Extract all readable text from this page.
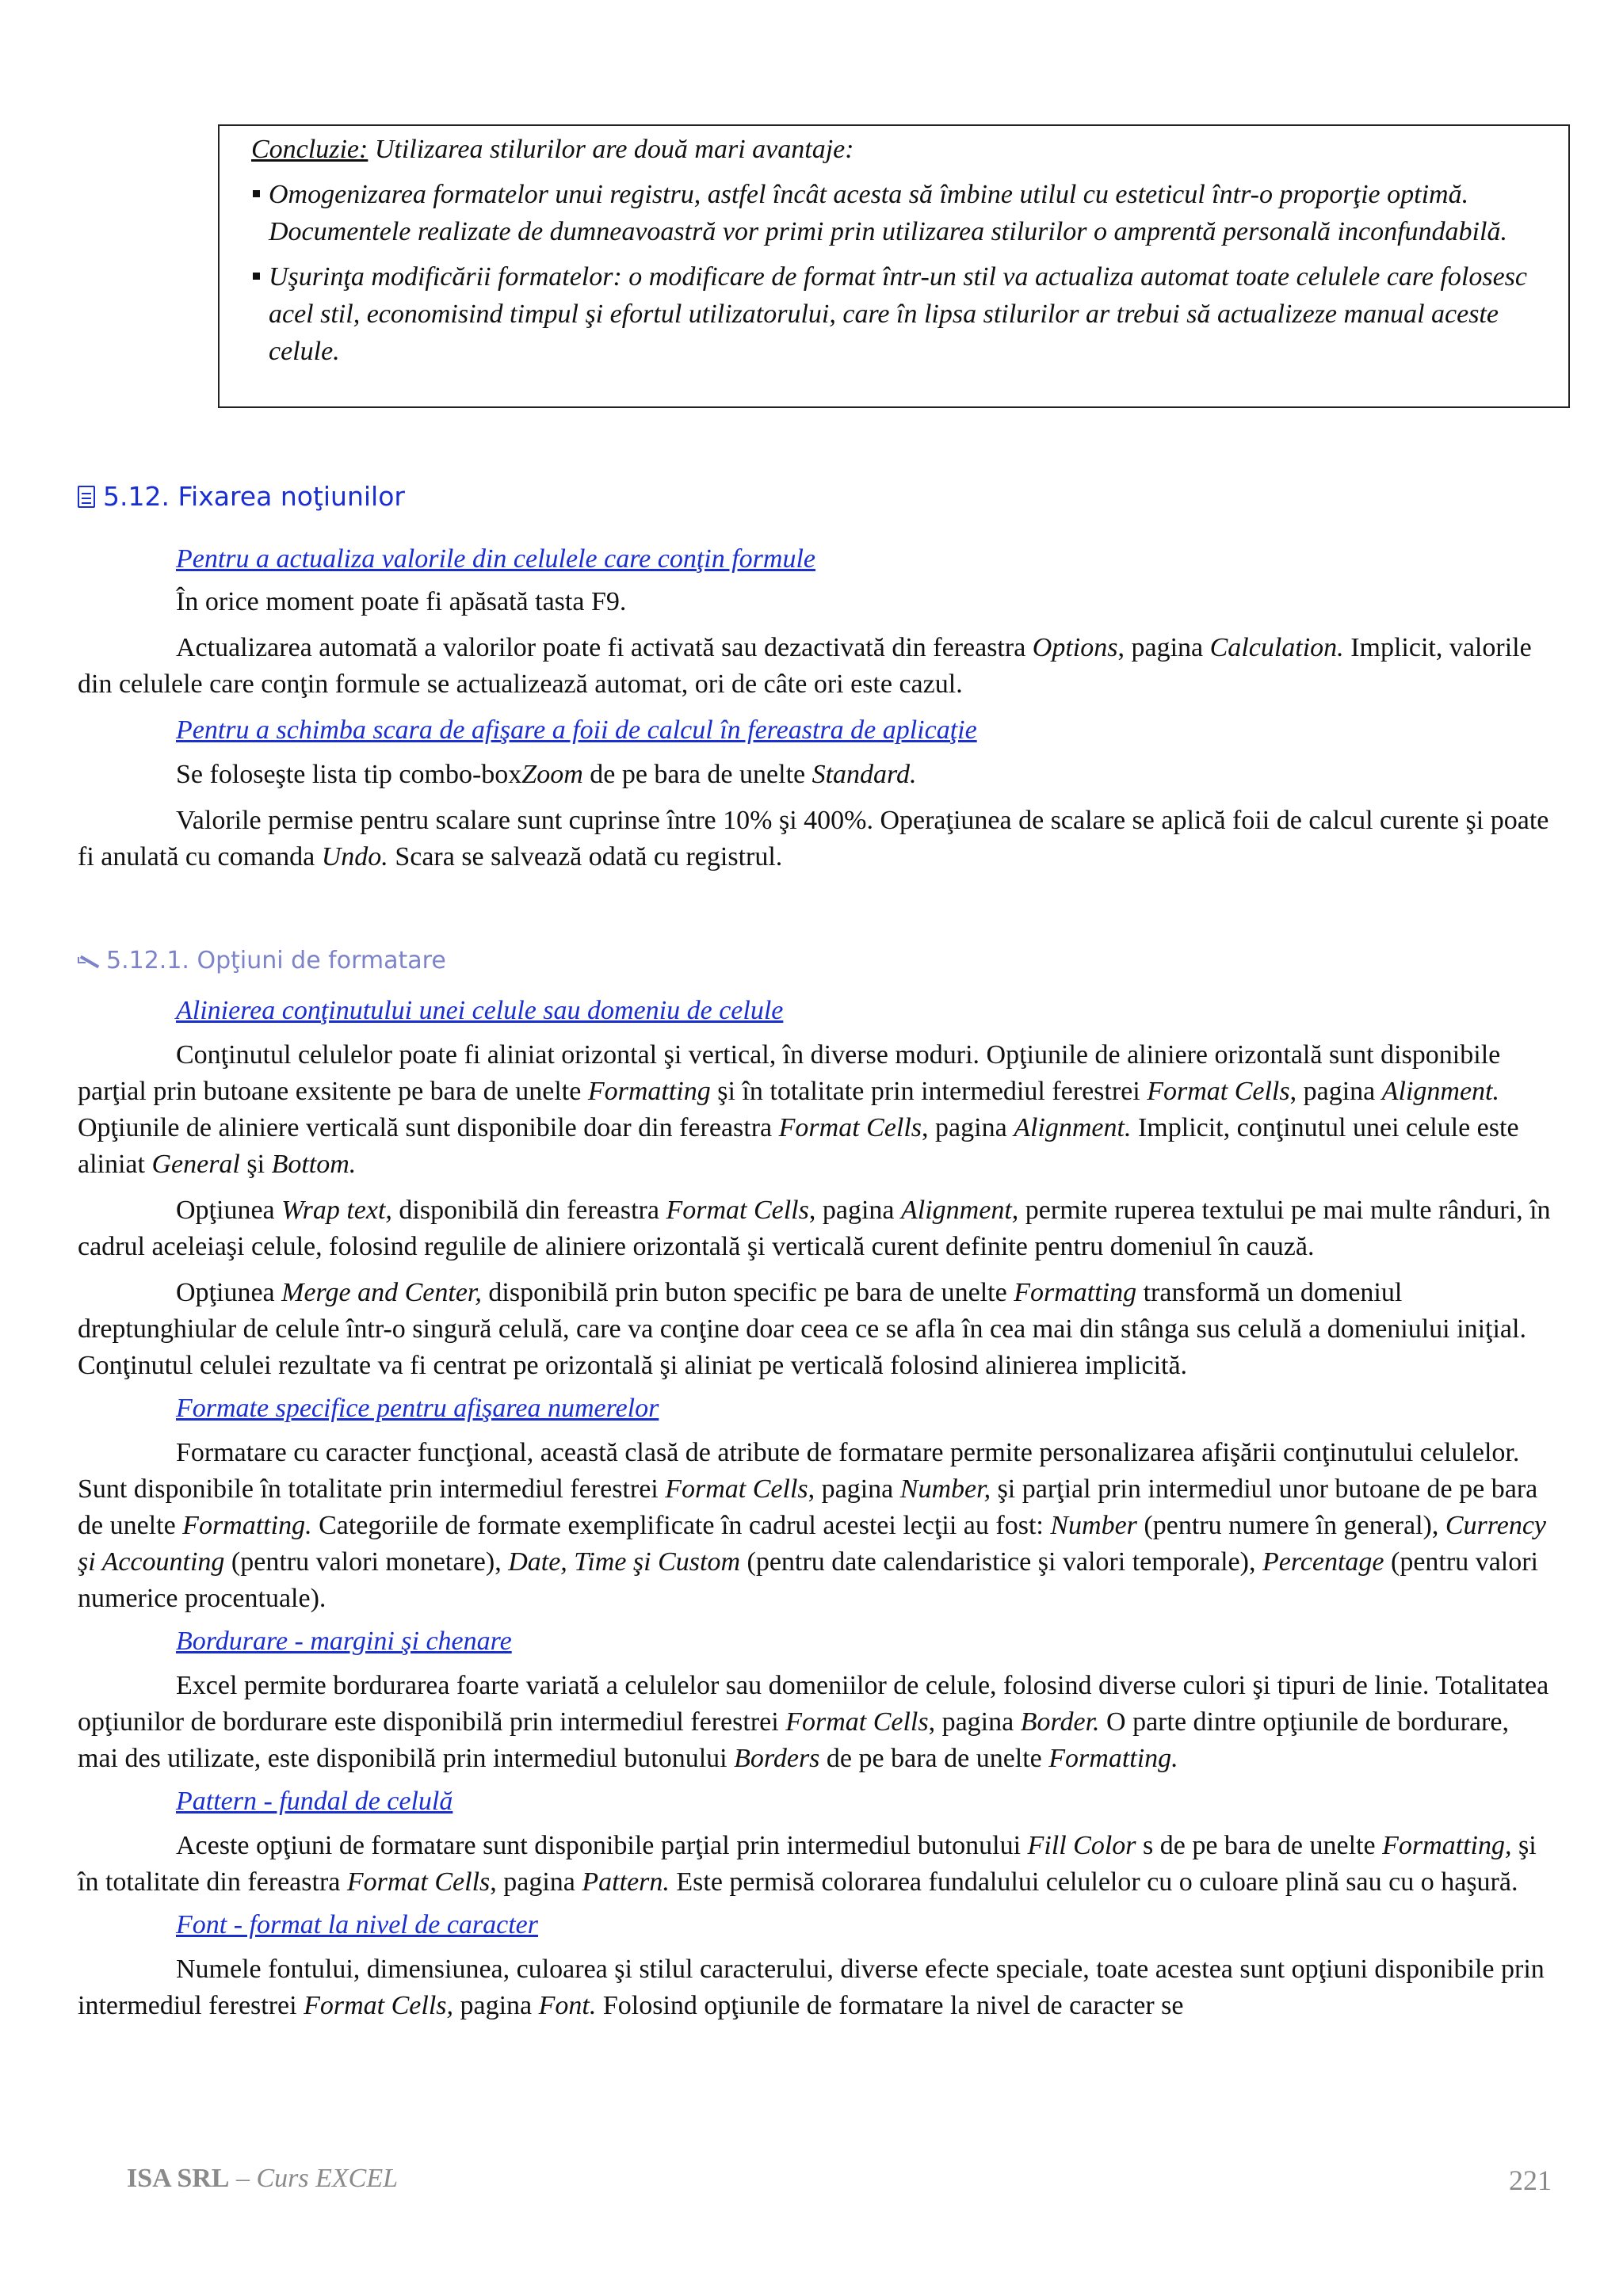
Concluzie: Utilizarea stilurilor are două mari avantaje:
Omogenizarea formatelor unui registru, astfel încât acesta să îmbine utilul cu esteticul într-o proporţie optimă. Documentele realizate de dumneavoastră vor primi prin utilizarea stilurilor o amprentă personală inconfundabilă.
Uşurinţa modificării formatelor: o modificare de format într-un stil va actualiza automat toate celulele care folosesc acel stil, economisind timpul şi efortul utilizatorului, care în lipsa stilurilor ar trebui să actualizeze manual aceste celule.
5.12. Fixarea noţiunilor
Pentru a actualiza valorile din celulele care conţin formule
În orice moment poate fi apăsată tasta F9.
Actualizarea automată a valorilor poate fi activată sau dezactivată din fereastra Options, pagina Calculation. Implicit, valorile din celulele care conţin formule se actualizează automat, ori de câte ori este cazul.
Pentru a schimba scara de afişare a foii de calcul în fereastra de aplicaţie
Se foloseşte lista tip combo-boxZoom de pe bara de unelte Standard.
Valorile permise pentru scalare sunt cuprinse între 10% şi 400%. Operaţiunea de scalare se aplică foii de calcul curente şi poate fi anulată cu comanda Undo. Scara se salvează odată cu registrul.
5.12.1. Opţiuni de formatare
Alinierea conţinutului unei celule sau domeniu de celule
Conţinutul celulelor poate fi aliniat orizontal şi vertical, în diverse moduri. Opţiunile de aliniere orizontală sunt disponibile parţial prin butoane exsitente pe bara de unelte Formatting şi în totalitate prin intermediul ferestrei Format Cells, pagina Alignment. Opţiunile de aliniere verticală sunt disponibile doar din fereastra Format Cells, pagina Alignment. Implicit, conţinutul unei celule este aliniat General şi Bottom.
Opţiunea Wrap text, disponibilă din fereastra Format Cells, pagina Alignment, permite ruperea textului pe mai multe rânduri, în cadrul aceleiaşi celule, folosind regulile de aliniere orizontală şi verticală curent definite pentru domeniul în cauză.
Opţiunea Merge and Center, disponibilă prin buton specific pe bara de unelte Formatting transformă un domeniul dreptunghiular de celule într-o singură celulă, care va conţine doar ceea ce se afla în cea mai din stânga sus celulă a domeniului iniţial. Conţinutul celulei rezultate va fi centrat pe orizontală şi aliniat pe verticală folosind alinierea implicită.
Formate specifice pentru afişarea numerelor
Formatare cu caracter funcţional, această clasă de atribute de formatare permite personalizarea afişării conţinutului celulelor. Sunt disponibile în totalitate prin intermediul ferestrei Format Cells, pagina Number, şi parţial prin intermediul unor butoane de pe bara de unelte Formatting. Categoriile de formate exemplificate în cadrul acestei lecţii au fost: Number (pentru numere în general), Currency şi Accounting (pentru valori monetare), Date, Time şi Custom (pentru date calendaristice şi valori temporale), Percentage (pentru valori numerice procentuale).
Bordurare - margini şi chenare
Excel permite bordurarea foarte variată a celulelor sau domeniilor de celule, folosind diverse culori şi tipuri de linie. Totalitatea opţiunilor de bordurare este disponibilă prin intermediul ferestrei Format Cells, pagina Border. O parte dintre opţiunile de bordurare, mai des utilizate, este disponibilă prin intermediul butonului Borders de pe bara de unelte Formatting.
Pattern - fundal de celulă
Aceste opţiuni de formatare sunt disponibile parţial prin intermediul butonului Fill Color s de pe bara de unelte Formatting, şi în totalitate din fereastra Format Cells, pagina Pattern. Este permisă colorarea fundalului celulelor cu o culoare plină sau cu o haşură.
Font - format la nivel de caracter
Numele fontului, dimensiunea, culoarea şi stilul caracterului, diverse efecte speciale, toate acestea sunt opţiuni disponibile prin intermediul ferestrei Format Cells, pagina Font. Folosind opţiunile de formatare la nivel de caracter se
ISA SRL – Curs EXCEL	221
